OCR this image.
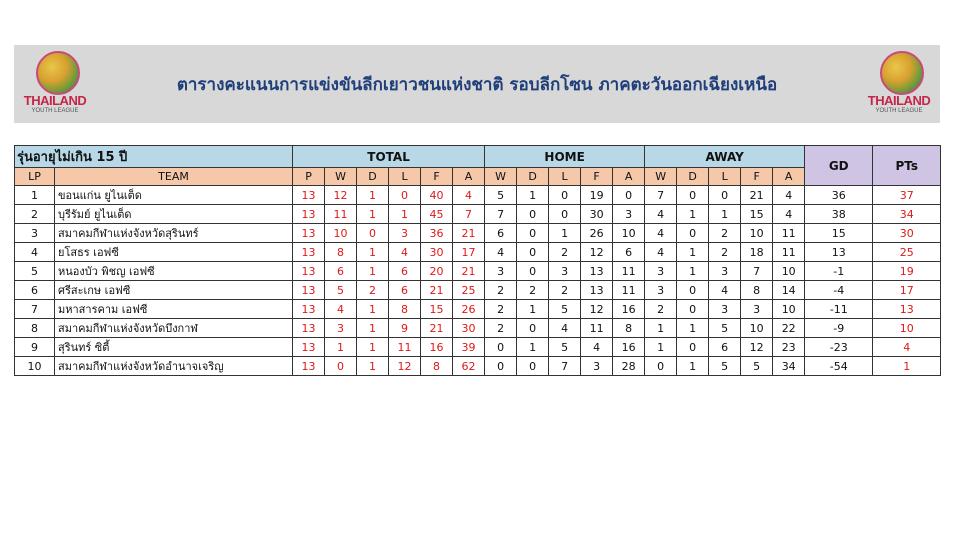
THAILAND
YOUTH LEAGUE
ตารางคะแนนการแข่งขันลีกเยาวชนแห่งชาติ รอบลีกโซน ภาคตะวันออกเฉียงเหนือ
THAILAND
YOUTH LEAGUE
รุ่นอายุไม่เกิน 15 ปี		TOTAL						HOME					AWAY					GD	PTs
LP	TEAM	P	W	D	L	F	A	W	D	L	F	A	W	D	L	F	A		
1	ขอนแก่น ยูไนเต็ด	13	12	1	0	40	4	5	1	0	19	0	7	0	0	21	4	36	37
2	บุรีรัมย์ ยูไนเต็ด	13	11	1	1	45	7	7	0	0	30	3	4	1	1	15	4	38	34
3	สมาคมกีฬาแห่งจังหวัดสุรินทร์	13	10	0	3	36	21	6	0	1	26	10	4	0	2	10	11	15	30
4	ยโสธร เอฟซี	13	8	1	4	30	17	4	0	2	12	6	4	1	2	18	11	13	25
5	หนองบัว พิชญ เอฟซี	13	6	1	6	20	21	3	0	3	13	11	3	1	3	7	10	-1	19
6	ศรีสะเกษ เอฟซี	13	5	2	6	21	25	2	2	2	13	11	3	0	4	8	14	-4	17
7	มหาสารคาม เอฟซี	13	4	1	8	15	26	2	1	5	12	16	2	0	3	3	10	-11	13
8	สมาคมกีฬาแห่งจังหวัดบึงกาฬ	13	3	1	9	21	30	2	0	4	11	8	1	1	5	10	22	-9	10
9	สุรินทร์ ซิตี้	13	1	1	11	16	39	0	1	5	4	16	1	0	6	12	23	-23	4
10	สมาคมกีฬาแห่งจังหวัดอำนาจเจริญ	13	0	1	12	8	62	0	0	7	3	28	0	1	5	5	34	-54	1
